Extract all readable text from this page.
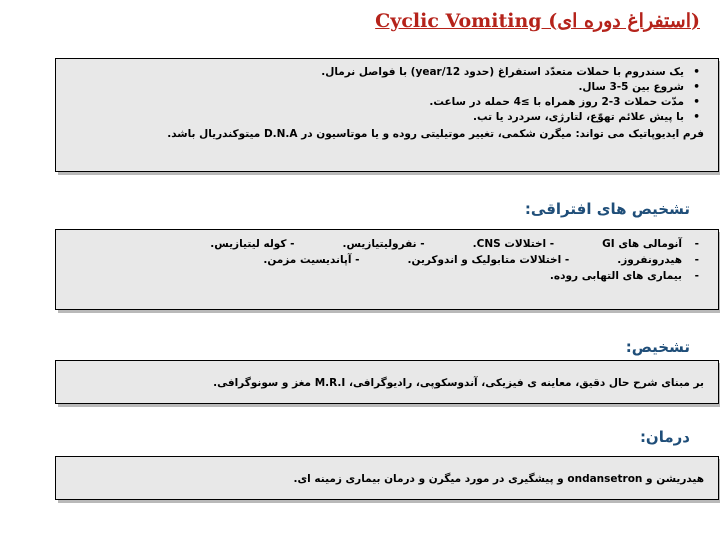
Cyclic Vomiting (استفراغ دوره ای)
• یک سندروم با حملات متعدّد استفراغ (حدود year/12) با فواصل نرمال.
• شروع بین 5-3 سال.
• مدّت حملات 3-2 روز همراه با ≥4 حمله در ساعت.
• با پیش علائم تهوّع، لتارژی، سردرد یا تب.
فرم ایدیوپاتیک می تواند: میگرن شکمی، تغییر موتیلیتی روده و یا موتاسیون در D.N.A میتوکندریال باشد.
تشخیص های افتراقی:
- آنومالی های GI
- اختلالات CNS.
- نفرولیتیازیس.
- کوله لیتیازیس.
- هیدرونفروز.
- اختلالات متابولیک و اندوکرین.
- آپاندیسیت مزمن.
- بیماری های التهابی روده.
تشخیص:
بر مبنای شرح حال دقیق، معاینه ی فیزیکی، آندوسکوپی، رادیوگرافی، M.R.I مغز و سونوگرافی.
درمان:
هیدریشن و ondansetron و پیشگیری در مورد میگرن و درمان بیماری زمینه ای.
